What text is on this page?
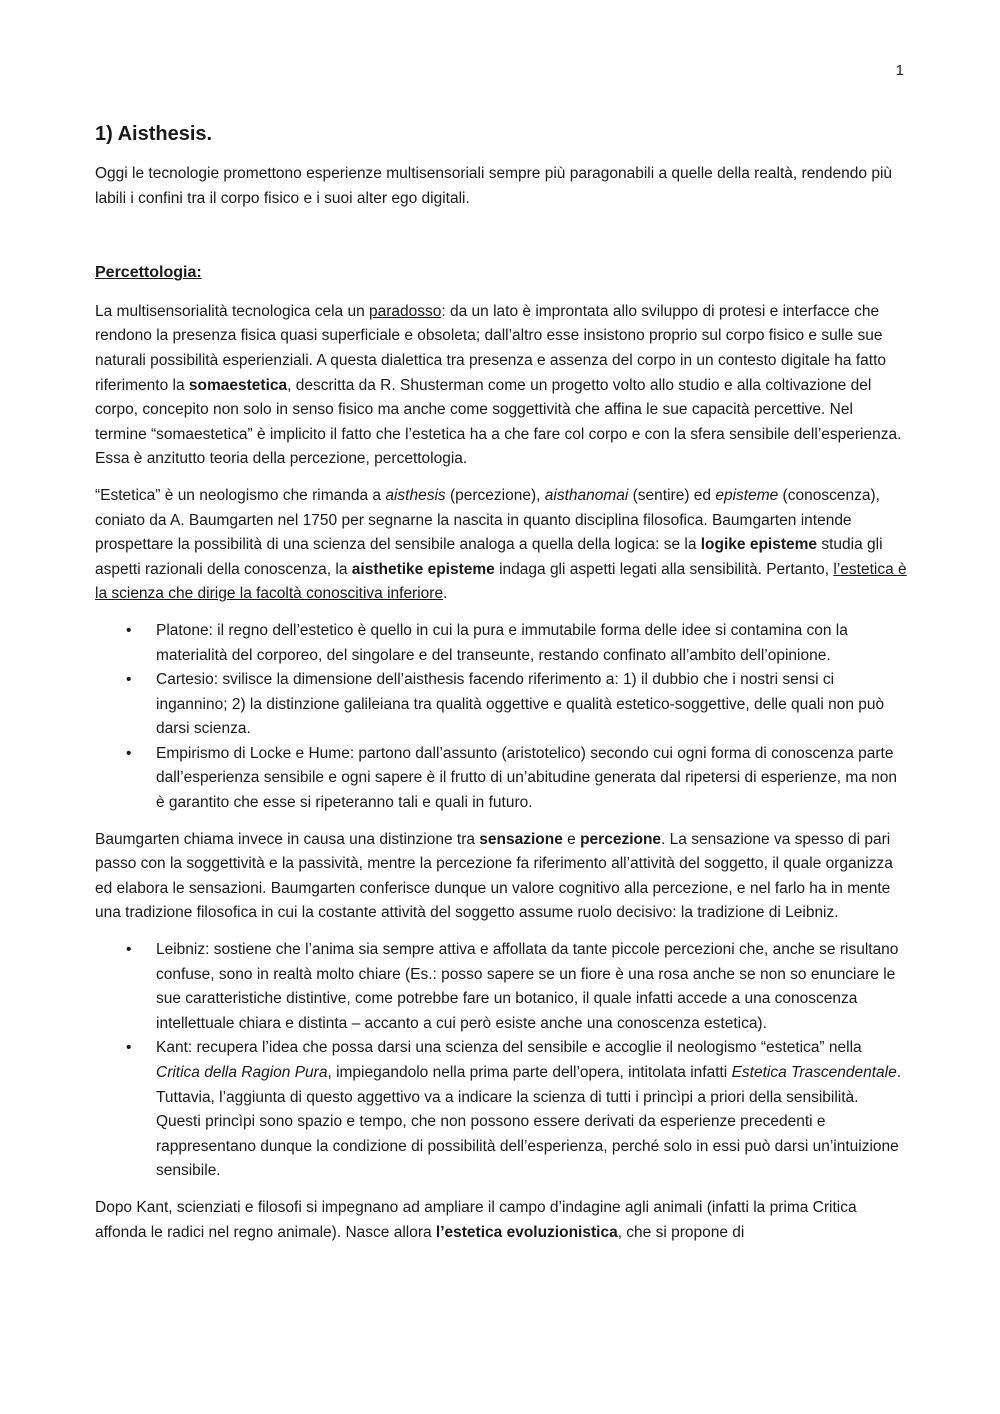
1
1) Aisthesis.

Oggi le tecnologie promettono esperienze multisensoriali sempre più paragonabili a quelle della realtà, rendendo più labili i confini tra il corpo fisico e i suoi alter ego digitali.

Percettologia:

La multisensorialità tecnologica cela un paradosso: da un lato è improntata allo sviluppo di protesi e interfacce che rendono la presenza fisica quasi superficiale e obsoleta; dall’altro esse insistono proprio sul corpo fisico e sulle sue naturali possibilità esperienziali. A questa dialettica tra presenza e assenza del corpo in un contesto digitale ha fatto riferimento la somaestetica, descritta da R. Shusterman come un progetto volto allo studio e alla coltivazione del corpo, concepito non solo in senso fisico ma anche come soggettività che affina le sue capacità percettive. Nel termine “somaestetica” è implicito il fatto che l’estetica ha a che fare col corpo e con la sfera sensibile dell’esperienza. Essa è anzitutto teoria della percezione, percettologia.

“Estetica” è un neologismo che rimanda a aisthesis (percezione), aisthanomai (sentire) ed episteme (conoscenza), coniato da A. Baumgarten nel 1750 per segnarne la nascita in quanto disciplina filosofica. Baumgarten intende prospettare la possibilità di una scienza del sensibile analoga a quella della logica: se la logike episteme studia gli aspetti razionali della conoscenza, la aisthetike episteme indaga gli aspetti legati alla sensibilità. Pertanto, l’estetica è la scienza che dirige la facoltà conoscitiva inferiore.

• Platone: il regno dell’estetico è quello in cui la pura e immutabile forma delle idee si contamina con la materialità del corporeo, del singolare e del transeunte, restando confinato all’ambito dell’opinione.
• Cartesio: svilisce la dimensione dell’aisthesis facendo riferimento a: 1) il dubbio che i nostri sensi ci ingannino; 2) la distinzione galileiana tra qualità oggettive e qualità estetico-soggettive, delle quali non può darsi scienza.
• Empirismo di Locke e Hume: partono dall’assunto (aristotelico) secondo cui ogni forma di conoscenza parte dall’esperienza sensibile e ogni sapere è il frutto di un’abitudine generata dal ripetersi di esperienze, ma non è garantito che esse si ripeteranno tali e quali in futuro.

Baumgarten chiama invece in causa una distinzione tra sensazione e percezione. La sensazione va spesso di pari passo con la soggettività e la passività, mentre la percezione fa riferimento all’attività del soggetto, il quale organizza ed elabora le sensazioni. Baumgarten conferisce dunque un valore cognitivo alla percezione, e nel farlo ha in mente una tradizione filosofica in cui la costante attività del soggetto assume ruolo decisivo: la tradizione di Leibniz.

• Leibniz: sostiene che l’anima sia sempre attiva e affollata da tante piccole percezioni che, anche se risultano confuse, sono in realtà molto chiare (Es.: posso sapere se un fiore è una rosa anche se non so enunciare le sue caratteristiche distintive, come potrebbe fare un botanico, il quale infatti accede a una conoscenza intellettuale chiara e distinta – accanto a cui però esiste anche una conoscenza estetica).
• Kant: recupera l’idea che possa darsi una scienza del sensibile e accoglie il neologismo “estetica” nella Critica della Ragion Pura, impiegandolo nella prima parte dell’opera, intitolata infatti Estetica Trascendentale. Tuttavia, l’aggiunta di questo aggettivo va a indicare la scienza di tutti i princìpi a priori della sensibilità. Questi princìpi sono spazio e tempo, che non possono essere derivati da esperienze precedenti e rappresentano dunque la condizione di possibilità dell’esperienza, perché solo in essi può darsi un’intuizione sensibile.

Dopo Kant, scienziati e filosofi si impegnano ad ampliare il campo d’indagine agli animali (infatti la prima Critica affonda le radici nel regno animale). Nasce allora l’estetica evoluzionistica, che si propone di
